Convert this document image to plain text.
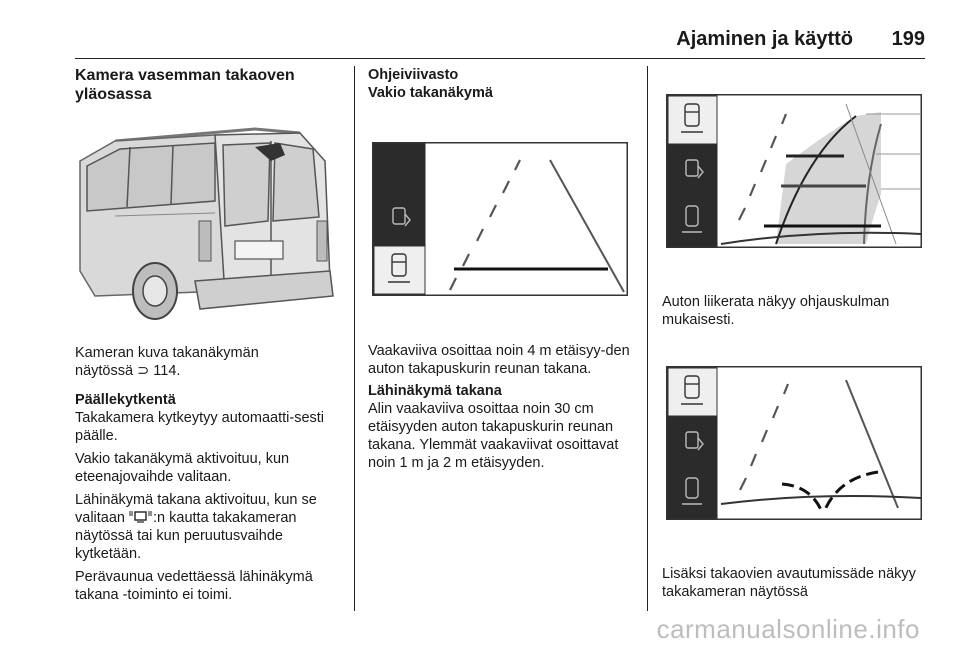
Ajaminen ja käyttö 199

Kamera vasemman takaoven yläosassa

Kameran kuva takanäkymän

näytössä ⊃ 114.

Päällekytkentä

Takakamera kytkeytyy automaatti-sesti päälle.

Vakio takanäkymä aktivoituu, kun eteenajovaihde valitaan.

Lähinäkymä takana aktivoituu, kun se valitaan :n kautta takakameran näytössä tai kun peruutusvaihde kytketään.

Perävaunua vedettäessä lähinäkymä takana -toiminto ei toimi.

Ohjeiviivasto

Vakio takanäkymä

Vaakaviiva osoittaa noin 4 m etäisyy-den auton takapuskurin reunan takana.

Lähinäkymä takana

Alin vaakaviiva osoittaa noin 30 cm etäisyyden auton takapuskurin reunan takana. Ylemmät vaakaviivat osoittavat noin 1 m ja 2 m etäisyyden.

Auton liikerata näkyy ohjauskulman mukaisesti.

Lisäksi takaovien avautumissäde näkyy takakameran näytössä

carmanualsonline.info
